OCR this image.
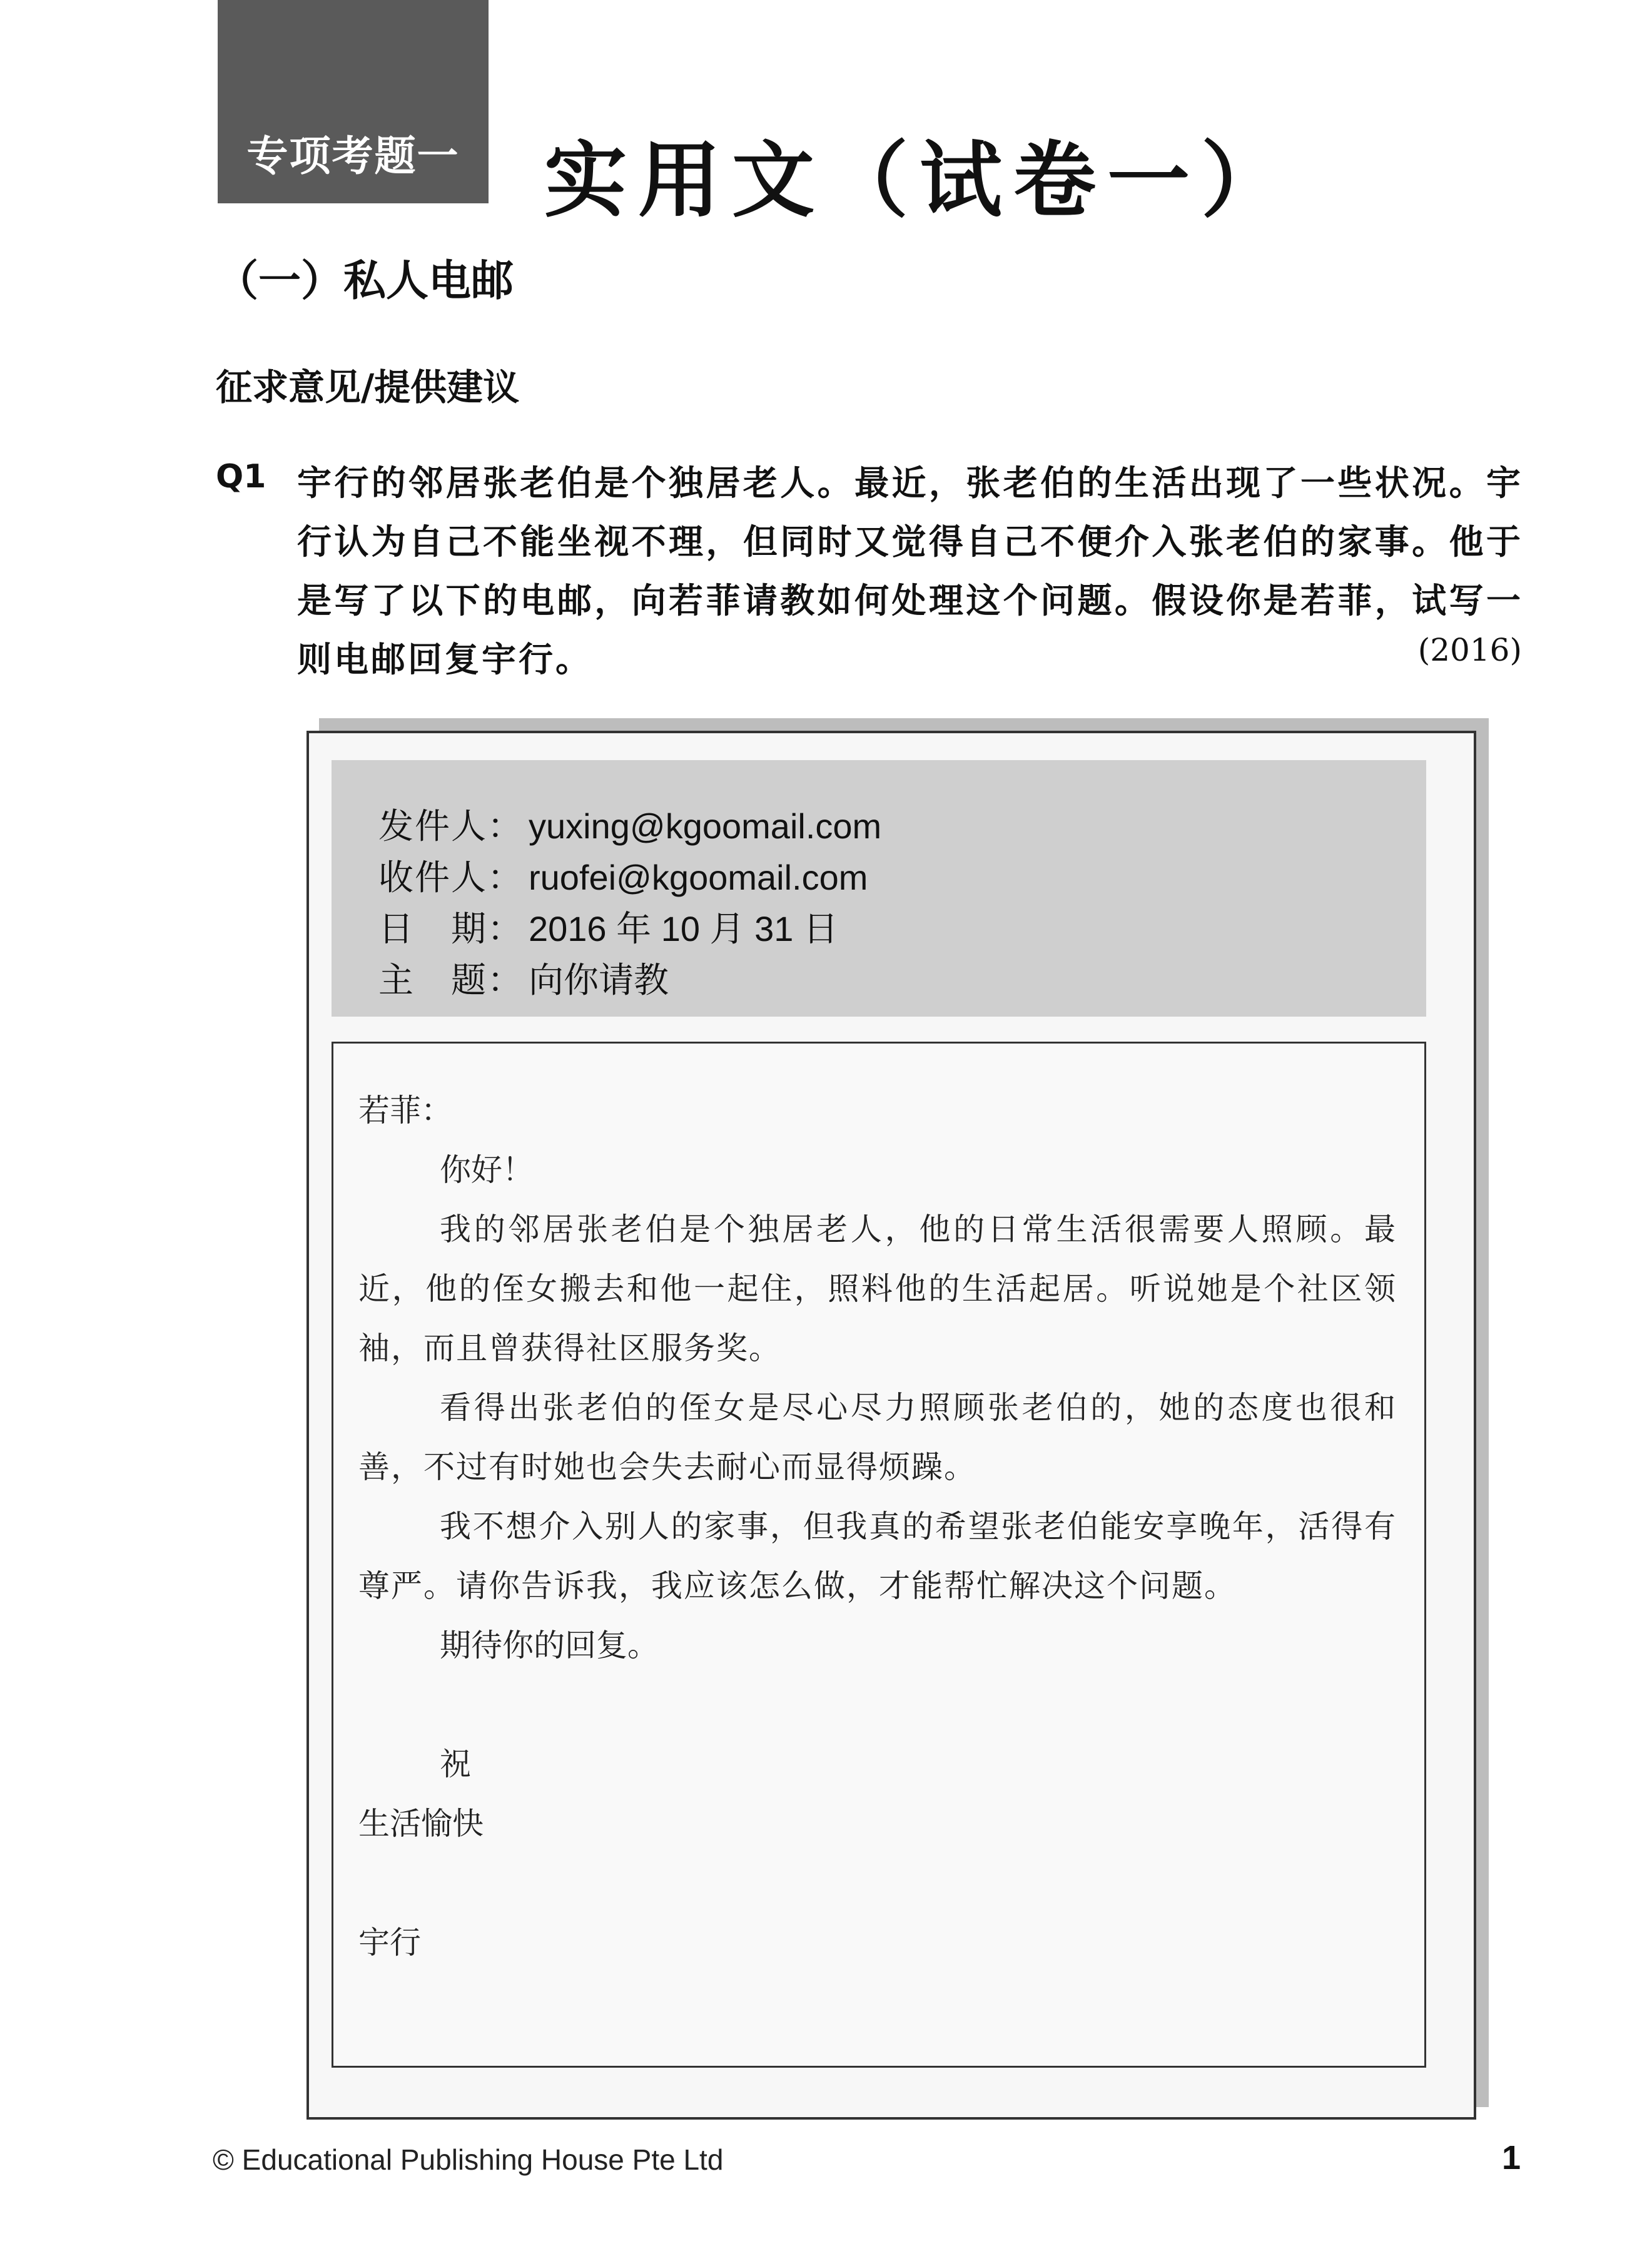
专项考题一	实用文（试卷一）
（一）私人电邮
征求意见/提供建议
Q1 宇行的邻居张老伯是个独居老人。最近，张老伯的生活出现了一些状况。宇行认为自己不能坐视不理，但同时又觉得自己不便介入张老伯的家事。他于是写了以下的电邮，向若菲请教如何处理这个问题。假设你是若菲，试写一则电邮回复宇行。	(2016)
发件人： yuxing@kgoomail.com
收件人： ruofei@kgoomail.com
日　期： 2016 年 10 月 31 日
主　题： 向你请教

若菲：

你好！

我的邻居张老伯是个独居老人，他的日常生活很需要人照顾。最近，他的侄女搬去和他一起住，照料他的生活起居。听说她是个社区领袖，而且曾获得社区服务奖。

看得出张老伯的侄女是尽心尽力照顾张老伯的，她的态度也很和善，不过有时她也会失去耐心而显得烦躁。

我不想介入别人的家事，但我真的希望张老伯能安享晚年，活得有尊严。请你告诉我，我应该怎么做，才能帮忙解决这个问题。

期待你的回复。

祝

生活愉快

宇行

© Educational Publishing House Pte Ltd	1
